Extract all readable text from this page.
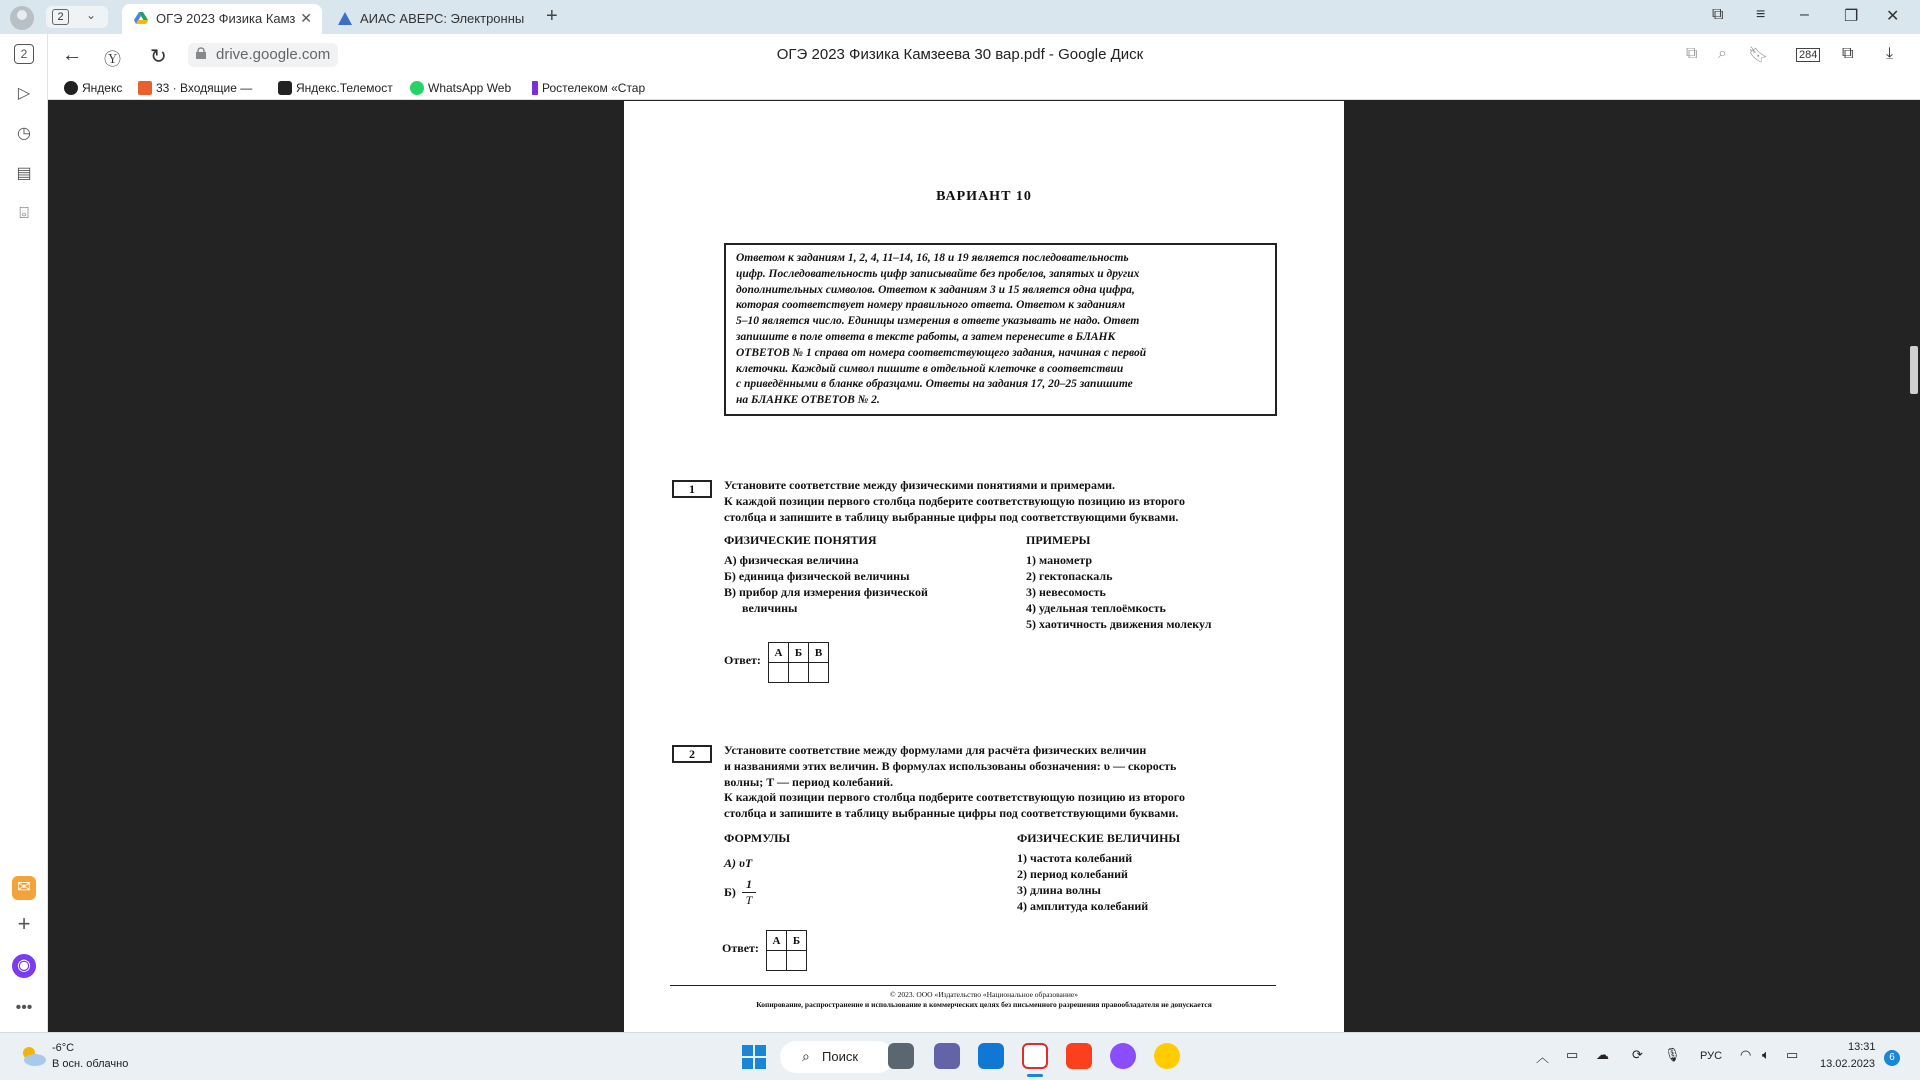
2	⌄	ОГЭ 2023 Физика Камз ✕	АИАС АВЕРС: Электронны +	⧉ ≡ – ❐ ✕
← Ⓨ ↻	drive.google.com	ОГЭ 2023 Физика Камзеева 30 вар.pdf - Google Диск	⧉ ⌕ 🔖︎	284 ⧉ ⤓
Яндекс	33 · Входящие —	Яндекс.Телемост	WhatsApp Web	Ростелеком «Стар
2
▷
◷
▤
⌻
✉
+
◉
•••
ВАРИАНТ 10
Ответом к заданиям 1, 2, 4, 11–14, 16, 18 и 19 является последовательность
цифр. Последовательность цифр записывайте без пробелов, запятых и других
дополнительных символов. Ответом к заданиям 3 и 15 является одна цифра,
которая соответствует номеру правильного ответа. Ответом к заданиям
5–10 является число. Единицы измерения в ответе указывать не надо. Ответ
запишите в поле ответа в тексте работы, а затем перенесите в БЛАНК
ОТВЕТОВ № 1 справа от номера соответствующего задания, начиная с первой
клеточки. Каждый символ пишите в отдельной клеточке в соответствии
с приведёнными в бланке образцами. Ответы на задания 17, 20–25 запишите
на БЛАНКЕ ОТВЕТОВ № 2.
1	Установите соответствие между физическими понятиями и примерами.
К каждой позиции первого столбца подберите соответствующую позицию из второго
столбца и запишите в таблицу выбранные цифры под соответствующими буквами.
ФИЗИЧЕСКИЕ ПОНЯТИЯ	ПРИМЕРЫ
А) физическая величина
Б) единица физической величины
В) прибор для измерения физической
величины
1) манометр
2) гектопаскаль
3) невесомость
4) удельная теплоёмкость
5) хаотичность движения молекул
Ответ:
А	Б	В

2	Установите соответствие между формулами для расчёта физических величин
и названиями этих величин. В формулах использованы обозначения: υ — скорость
волны; T — период колебаний.
К каждой позиции первого столбца подберите соответствующую позицию из второго
столбца и запишите в таблицу выбранные цифры под соответствующими буквами.
ФОРМУЛЫ	ФИЗИЧЕСКИЕ ВЕЛИЧИНЫ
А) υT
$Б) \frac{1}{T}$
1) частота колебаний
2) период колебаний
3) длина волны
4) амплитуда колебаний
Ответ:
А	Б

© 2023. ООО «Издательство «Национальное образование»
Копирование, распространение и использование в коммерческих целях без письменного разрешения правообладателя не допускается
-6°C
В осн. облачно	⌕ Поиск	︿ ▭ ☁ ⟳ 🎙︎ РУС ◠ 🔈︎ ▭	13:31
13.02.2023
6
